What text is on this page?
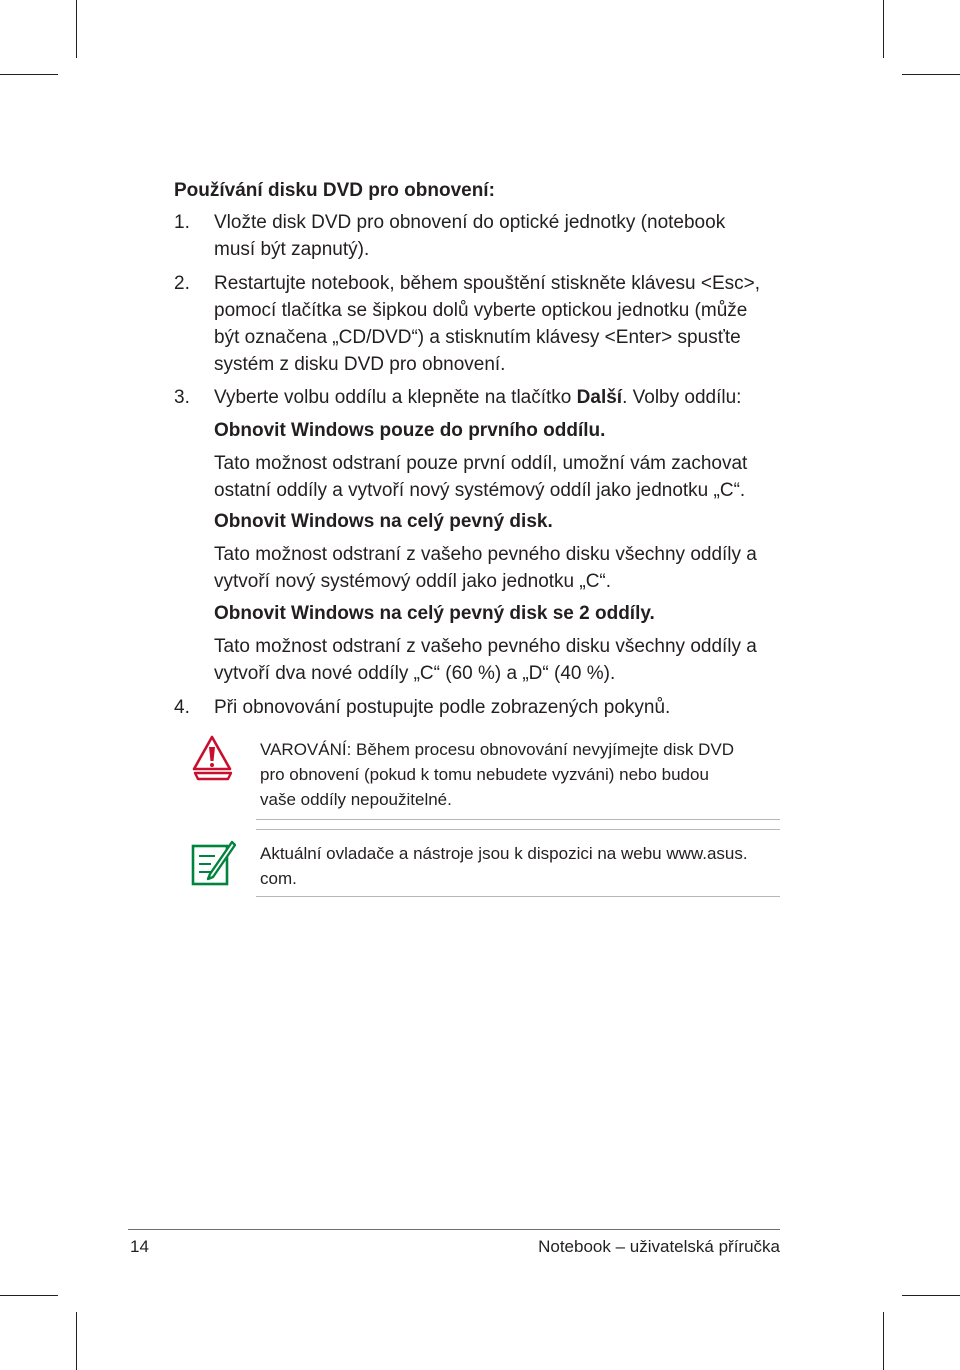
Používání disku DVD pro obnovení:
1. Vložte disk DVD pro obnovení do optické jednotky (notebook
musí být zapnutý).
2. Restartujte notebook, během spouštění stiskněte klávesu <Esc>,
pomocí tlačítka se šipkou dolů vyberte optickou jednotku (může
být označena „CD/DVD“) a stisknutím klávesy <Enter> spusťte
systém z disku DVD pro obnovení.
3. Vyberte volbu oddílu a klepněte na tlačítko Další. Volby oddílu:
Obnovit Windows pouze do prvního oddílu.
Tato možnost odstraní pouze první oddíl, umožní vám zachovat
ostatní oddíly a vytvoří nový systémový oddíl jako jednotku „C“.
Obnovit Windows na celý pevný disk.
Tato možnost odstraní z vašeho pevného disku všechny oddíly a
vytvoří nový systémový oddíl jako jednotku „C“.
Obnovit Windows na celý pevný disk se 2 oddíly.
Tato možnost odstraní z vašeho pevného disku všechny oddíly a
vytvoří dva nové oddíly „C“ (60 %) a „D“ (40 %).
4. Při obnovování postupujte podle zobrazených pokynů.
VAROVÁNÍ: Během procesu obnovování nevyjímejte disk DVD
pro obnovení (pokud k tomu nebudete vyzváni) nebo budou
vaše oddíly nepoužitelné.
Aktuální ovladače a nástroje jsou k dispozici na webu www.asus.
com.
14	Notebook – uživatelská příručka
